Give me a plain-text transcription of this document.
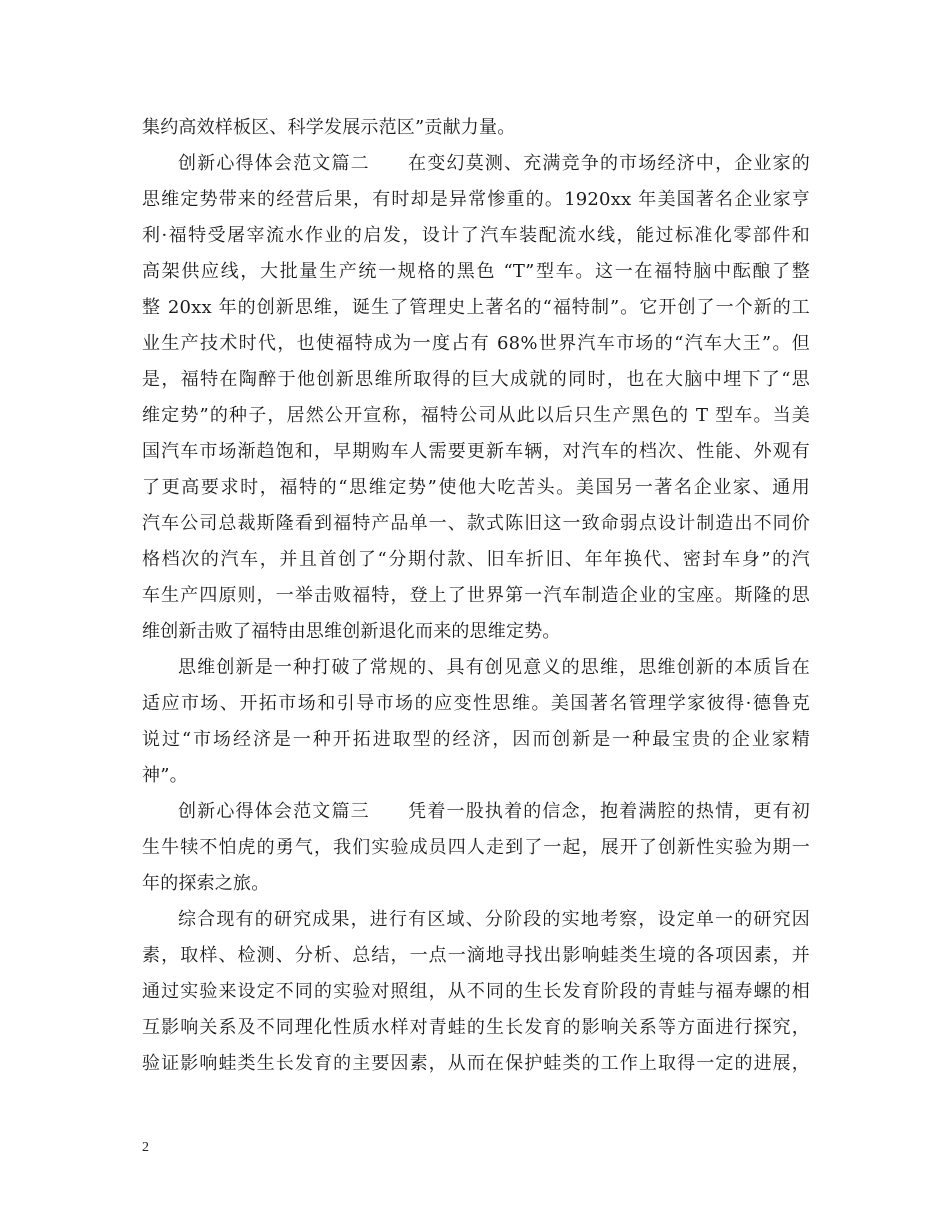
集约高效样板区、科学发展示范区”贡献力量。
创新心得体会范文篇二　　在变幻莫测、充满竞争的市场经济中，企业家的
思维定势带来的经营后果，有时却是异常惨重的。1920xx 年美国著名企业家亨
利·福特受屠宰流水作业的启发，设计了汽车装配流水线，能过标准化零部件和
高架供应线，大批量生产统一规格的黑色 “T”型车。这一在福特脑中酝酿了整
整 20xx 年的创新思维，诞生了管理史上著名的“福特制”。它开创了一个新的工
业生产技术时代，也使福特成为一度占有 68%世界汽车市场的“汽车大王”。但
是，福特在陶醉于他创新思维所取得的巨大成就的同时，也在大脑中埋下了“思
维定势”的种子，居然公开宣称，福特公司从此以后只生产黑色的 T 型车。当美
国汽车市场渐趋饱和，早期购车人需要更新车辆，对汽车的档次、性能、外观有
了更高要求时，福特的“思维定势”使他大吃苦头。美国另一著名企业家、通用
汽车公司总裁斯隆看到福特产品单一、款式陈旧这一致命弱点设计制造出不同价
格档次的汽车，并且首创了“分期付款、旧车折旧、年年换代、密封车身”的汽
车生产四原则，一举击败福特，登上了世界第一汽车制造企业的宝座。斯隆的思
维创新击败了福特由思维创新退化而来的思维定势。
思维创新是一种打破了常规的、具有创见意义的思维，思维创新的本质旨在
适应市场、开拓市场和引导市场的应变性思维。美国著名管理学家彼得·德鲁克
说过“市场经济是一种开拓进取型的经济，因而创新是一种最宝贵的企业家精
神”。
创新心得体会范文篇三　　凭着一股执着的信念，抱着满腔的热情，更有初
生牛犊不怕虎的勇气，我们实验成员四人走到了一起，展开了创新性实验为期一
年的探索之旅。
综合现有的研究成果，进行有区域、分阶段的实地考察，设定单一的研究因
素，取样、检测、分析、总结，一点一滴地寻找出影响蛙类生境的各项因素，并
通过实验来设定不同的实验对照组，从不同的生长发育阶段的青蛙与福寿螺的相
互影响关系及不同理化性质水样对青蛙的生长发育的影响关系等方面进行探究，
验证影响蛙类生长发育的主要因素，从而在保护蛙类的工作上取得一定的进展，
2
